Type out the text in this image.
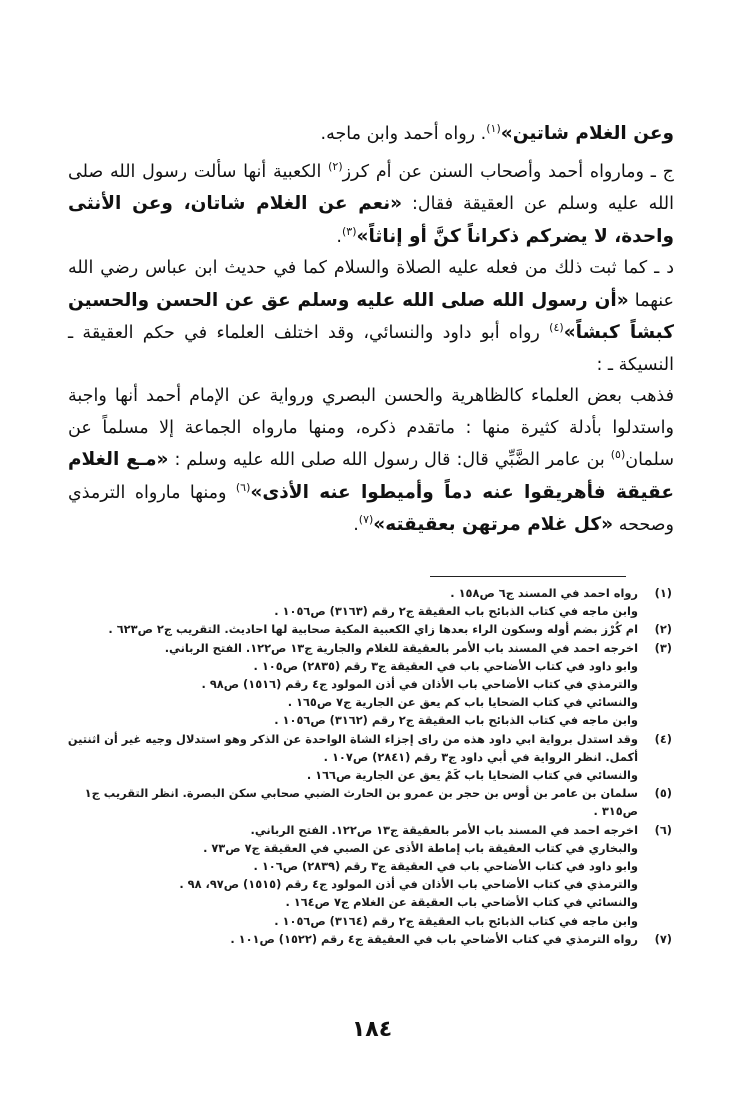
وعن الغلام شاتين»$^{(١)}$. رواه أحمد وابن ماجه.

ج ـ ومارواه أحمد وأصحاب السنن عن أم كرز$^{(٢)}$ الكعبية أنها سألت رسول الله صلى الله عليه وسلم عن العقيقة فقال: «نعم عن الغلام شاتان، وعن الأنثى واحدة، لا يضركم ذكراناً كنَّ أو إناثاً»$^{(٣)}$.

د ـ كما ثبت ذلك من فعله عليه الصلاة والسلام كما في حديث ابن عباس رضي الله عنهما «أن رسول الله صلى الله عليه وسلم عق عن الحسن والحسين كبشاً كبشاً»$^{(٤)}$ رواه أبو داود والنسائي، وقد اختلف العلماء في حكم العقيقة ـ النسيكة ـ :

فذهب بعض العلماء كالظاهرية والحسن البصري ورواية عن الإمام أحمد أنها واجبة واستدلوا بأدلة كثيرة منها : ماتقدم ذكره، ومنها مارواه الجماعة إلا مسلماً عن سلمان$^{(٥)}$ بن عامر الضَّبِّي قال: قال رسول الله صلى الله عليه وسلم : «مـع الغلام عقيقة فأهريقوا عنه دماً وأميطوا عنه الأذى»$^{(٦)}$ ومنها مارواه الترمذي وصححه «كل غلام مرتهن بعقيقته»$^{(٧)}$.

(١)
رواه احمد في المسند ج٦ ص١٥٨ .
وابن ماجه في كتاب الذبائح باب العقيقة ج٢ رقم (٣١٦٣) ص١٠٥٦ .
(٢)
ام كُرْز بضم أوله وسكون الراء بعدها زاي الكعبية المكية صحابية لها احاديث. التقريب ج٢ ص٦٢٣ .
(٣)
اخرجه احمد في المسند باب الأمر بالعقيقة للغلام والجارية ج١٣ ص١٢٢. الفتح الرباني.
وابو داود في كتاب الأضاحي باب في العقيقة ج٣ رقم (٢٨٣٥) ص١٠٥ .
والترمذي في كتاب الأضاحي باب الأذان في أذن المولود ج٤ رقم (١٥١٦) ص٩٨ .
والنسائي في كتاب الضحايا باب كم يعق عن الجارية ج٧ ص١٦٥ .
وابن ماجه في كتاب الذبائح باب العقيقة ج٢ رقم (٣١٦٢) ص١٠٥٦ .
(٤)
وقد استدل برواية ابي داود هذه من راى إجزاء الشاة الواحدة عن الذكر وهو استدلال وجيه غير أن اثنتين
أكمل. انظر الرواية في أبي داود ج٣ رقم (٢٨٤١) ص١٠٧ .
والنسائي في كتاب الضحايا باب كَمْ يعق عن الجارية ص١٦٦ .
(٥)
سلمان بن عامر بن أوس بن حجر بن عمرو بن الحارث الضبي صحابي سكن البصرة. انظر التقريب ج١
ص٣١٥ .
(٦)
اخرجه احمد في المسند باب الأمر بالعقيقة ج١٣ ص١٢٢. الفتح الرباني.
والبخاري في كتاب العقيقة باب إماطة الأذى عن الصبي في العقيقة ج٧ ص٧٣ .
وابو داود في كتاب الأضاحي باب في العقيقة ج٣ رقم (٢٨٣٩) ص١٠٦ .
والترمذي في كتاب الأضاحي باب الأذان في أذن المولود ج٤ رقم (١٥١٥) ص٩٧، ٩٨ .
والنسائي في كتاب الأضاحي باب العقيقة عن الغلام ج٧ ص١٦٤ .
وابن ماجه في كتاب الذبائح باب العقيقة ج٢ رقم (٣١٦٤) ص١٠٥٦ .
(٧)
رواه الترمذي في كتاب الأضاحي باب في العقيقة ج٤ رقم (١٥٢٢) ص١٠١ .
١٨٤
